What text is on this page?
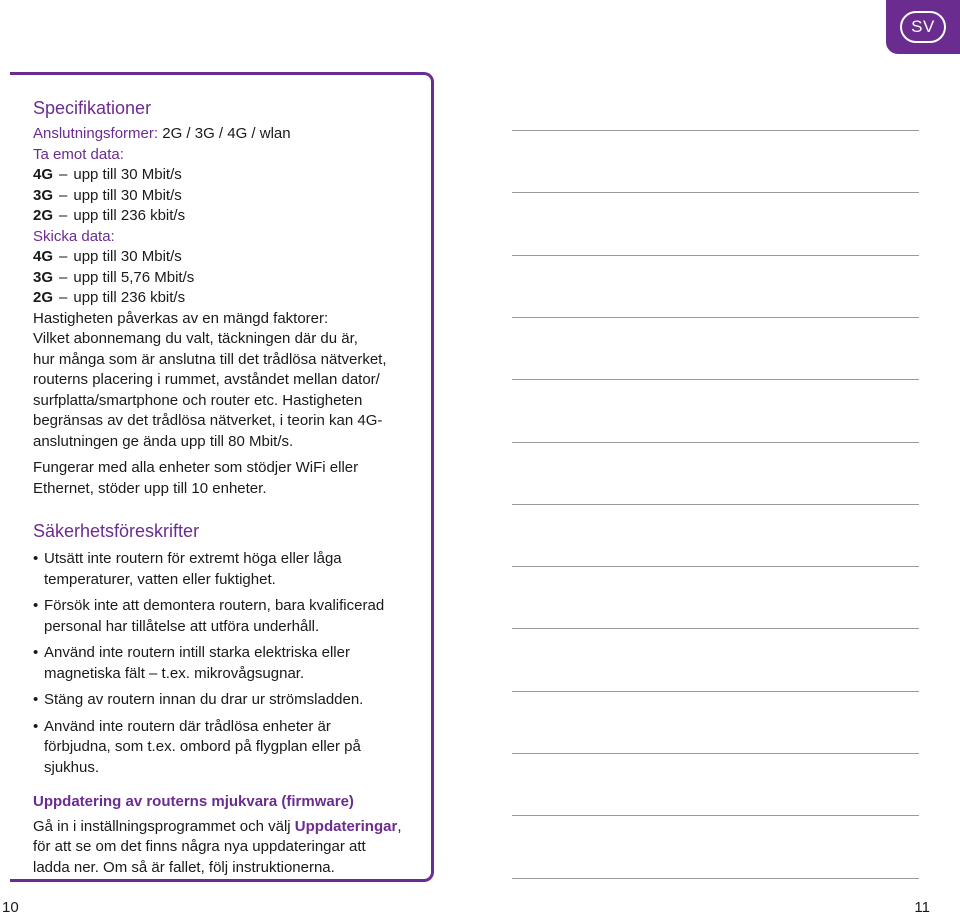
SV
Specifikationer
Anslutningsformer: 2G / 3G / 4G / wlan
Ta emot data:
4G – upp till 30 Mbit/s
3G – upp till 30 Mbit/s
2G – upp till 236 kbit/s
Skicka data:
4G – upp till 30 Mbit/s
3G – upp till 5,76 Mbit/s
2G – upp till 236 kbit/s
Hastigheten påverkas av en mängd faktorer:
Vilket abonnemang du valt, täckningen där du är,
hur många som är anslutna till det trådlösa nätverket,
routerns placering i rummet, avståndet mellan dator/
surfplatta/smartphone och router etc. Hastigheten
begränsas av det trådlösa nätverket, i teorin kan 4G-
anslutningen ge ända upp till 80 Mbit/s.
Fungerar med alla enheter som stödjer WiFi eller
Ethernet, stöder upp till 10 enheter.
Säkerhetsföreskrifter
• Utsätt inte routern för extremt höga eller låga
temperaturer, vatten eller fuktighet.
• Försök inte att demontera routern, bara kvalificerad
personal har tillåtelse att utföra underhåll.
• Använd inte routern intill starka elektriska eller
magnetiska fält – t.ex. mikrovågsugnar.
• Stäng av routern innan du drar ur strömsladden.
• Använd inte routern där trådlösa enheter är
förbjudna, som t.ex. ombord på flygplan eller på
sjukhus.
Uppdatering av routerns mjukvara (firmware)
Gå in i inställningsprogrammet och välj Uppdateringar,
för att se om det finns några nya uppdateringar att
ladda ner. Om så är fallet, följ instruktionerna.
10	11
